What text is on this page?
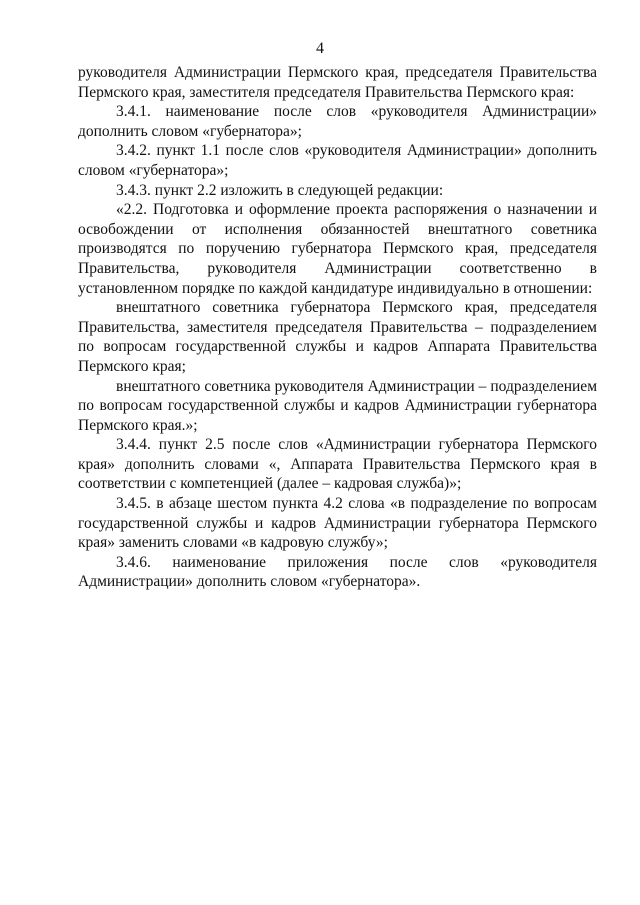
4

руководителя Администрации Пермского края, председателя Правительства Пермского края, заместителя председателя Правительства Пермского края:

3.4.1. наименование после слов «руководителя Администрации» дополнить словом «губернатора»;

3.4.2. пункт 1.1 после слов «руководителя Администрации» дополнить словом «губернатора»;

3.4.3. пункт 2.2 изложить в следующей редакции:

«2.2. Подготовка и оформление проекта распоряжения о назначении и освобождении от исполнения обязанностей внештатного советника производятся по поручению губернатора Пермского края, председателя Правительства, руководителя Администрации соответственно в установленном порядке по каждой кандидатуре индивидуально в отношении:

внештатного советника губернатора Пермского края, председателя Правительства, заместителя председателя Правительства – подразделением по вопросам государственной службы и кадров Аппарата Правительства Пермского края;

внештатного советника руководителя Администрации – подразделением по вопросам государственной службы и кадров Администрации губернатора Пермского края.»;

3.4.4. пункт 2.5 после слов «Администрации губернатора Пермского края» дополнить словами «, Аппарата Правительства Пермского края в соответствии с компетенцией (далее – кадровая служба)»;

3.4.5. в абзаце шестом пункта 4.2 слова «в подразделение по вопросам государственной службы и кадров Администрации губернатора Пермского края» заменить словами «в кадровую службу»;

3.4.6. наименование приложения после слов «руководителя Администрации» дополнить словом «губернатора».
